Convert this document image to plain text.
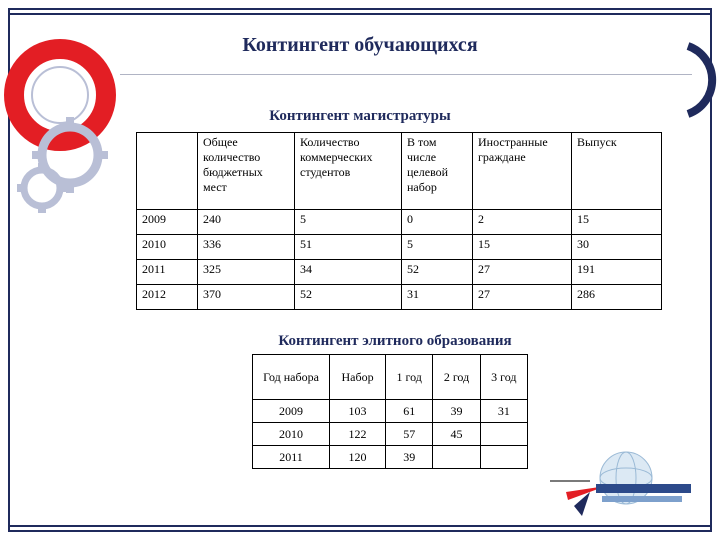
Контингент обучающихся
Контингент магистратуры
	Общее количество бюджетных мест	Количество коммерческих студентов	В том числе целевой набор	Иностранные граждане	Выпуск
2009	240	5	0	2	15
2010	336	51	5	15	30
2011	325	34	52	27	191
2012	370	52	31	27	286
Контингент элитного образования
Год набора	Набор	1 год	2 год	3 год
2009	103	61	39	31
2010	122	57	45	
2011	120	39		
